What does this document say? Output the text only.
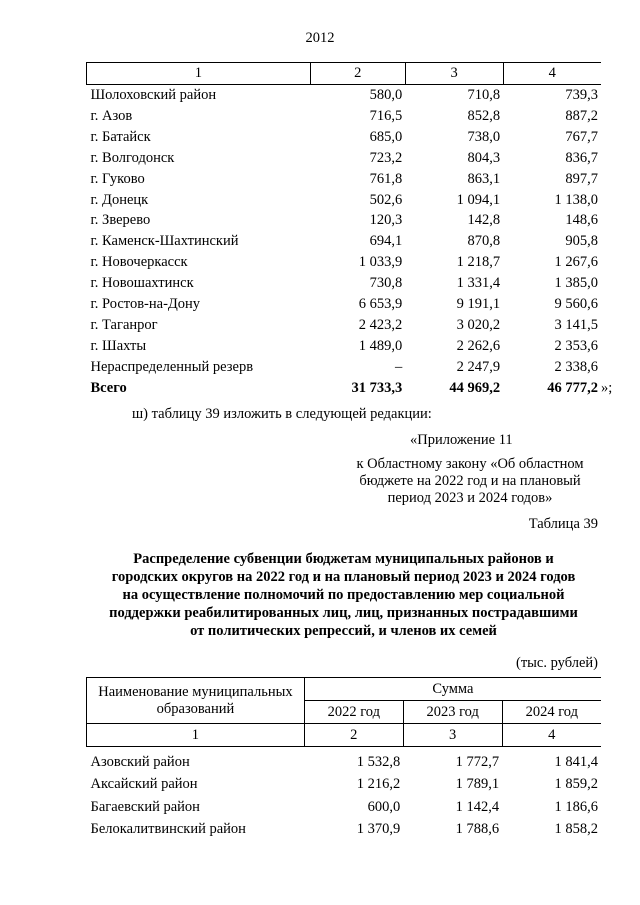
2012
1	2	3	4
Шолоховский район	580,0	710,8	739,3
г. Азов	716,5	852,8	887,2
г. Батайск	685,0	738,0	767,7
г. Волгодонск	723,2	804,3	836,7
г. Гуково	761,8	863,1	897,7
г. Донецк	502,6	1 094,1	1 138,0
г. Зверево	120,3	142,8	148,6
г. Каменск-Шахтинский	694,1	870,8	905,8
г. Новочеркасск	1 033,9	1 218,7	1 267,6
г. Новошахтинск	730,8	1 331,4	1 385,0
г. Ростов-на-Дону	6 653,9	9 191,1	9 560,6
г. Таганрог	2 423,2	3 020,2	3 141,5
г. Шахты	1 489,0	2 262,6	2 353,6
Нераспределенный резерв	–	2 247,9	2 338,6
Всего	31 733,3	44 969,2	46 777,2 »;
ш) таблицу 39 изложить в следующей редакции:
«Приложение 11
к Областному закону «Об областном
бюджете на 2022 год и на плановый
период 2023 и 2024 годов»
Таблица 39
Распределение субвенции бюджетам муниципальных районов и
городских округов на 2022 год и на плановый период 2023 и 2024 годов
на осуществление полномочий по предоставлению мер социальной
поддержки реабилитированных лиц, лиц, признанных пострадавшими
от политических репрессий, и членов их семей
(тыс. рублей)
Наименование муниципальных
образований	Сумма		
	2022 год	2023 год	2024 год
1	2	3	4
Азовский район	1 532,8	1 772,7	1 841,4
Аксайский район	1 216,2	1 789,1	1 859,2
Багаевский район	600,0	1 142,4	1 186,6
Белокалитвинский район	1 370,9	1 788,6	1 858,2
